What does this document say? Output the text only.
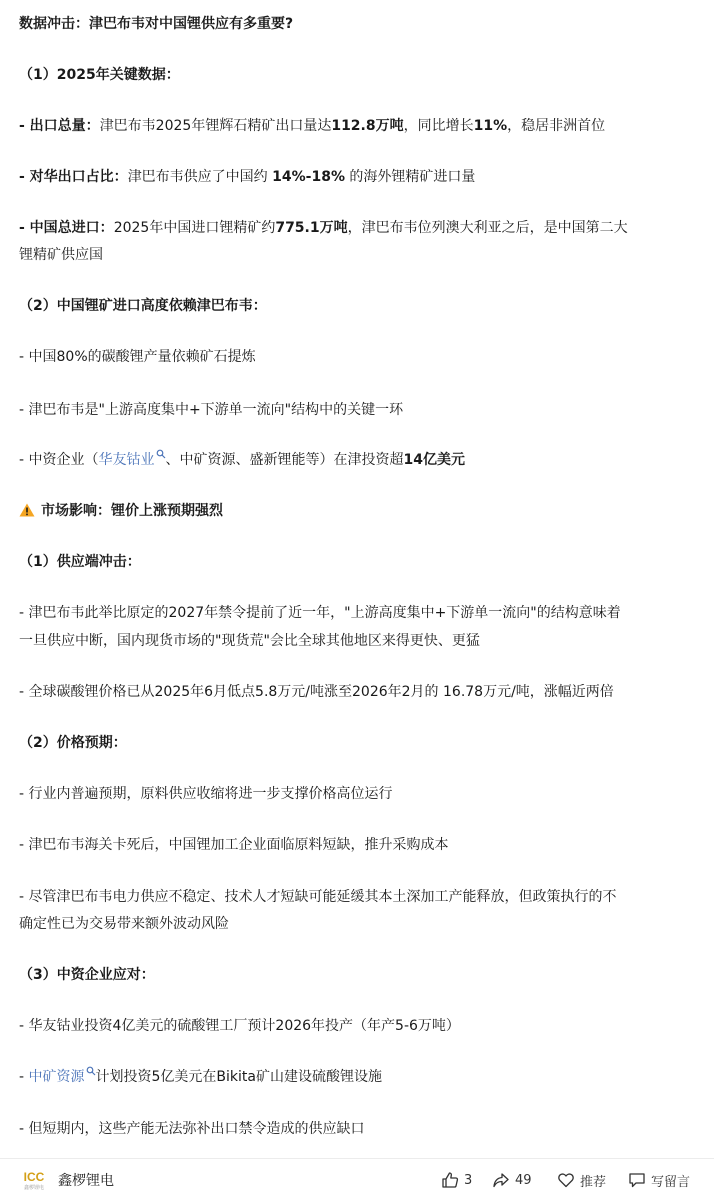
数据冲击：津巴布韦对中国锂供应有多重要?
（1）2025年关键数据：
- 出口总量：津巴布韦2025年锂辉石精矿出口量达112.8万吨，同比增长11%，稳居非洲首位
- 对华出口占比：津巴布韦供应了中国约 14%-18% 的海外锂精矿进口量
- 中国总进口：2025年中国进口锂精矿约775.1万吨，津巴布韦位列澳大利亚之后，是中国第二大
锂精矿供应国
（2）中国锂矿进口高度依赖津巴布韦：
- 中国80%的碳酸锂产量依赖矿石提炼
- 津巴布韦是"上游高度集中+下游单一流向"结构中的关键一环
- 中资企业（华友钴业 、中矿资源、盛新锂能等）在津投资超14亿美元
市场影响：锂价上涨预期强烈
（1）供应端冲击：
- 津巴布韦此举比原定的2027年禁令提前了近一年，"上游高度集中+下游单一流向"的结构意味着
一旦供应中断，国内现货市场的"现货荒"会比全球其他地区来得更快、更猛
- 全球碳酸锂价格已从2025年6月低点5.8万元/吨涨至2026年2月的 16.78万元/吨，涨幅近两倍
（2）价格预期：
- 行业内普遍预期，原料供应收缩将进一步支撑价格高位运行
- 津巴布韦海关卡死后，中国锂加工企业面临原料短缺，推升采购成本
- 尽管津巴布韦电力供应不稳定、技术人才短缺可能延缓其本土深加工产能释放，但政策执行的不
确定性已为交易带来额外波动风险
（3）中资企业应对：
- 华友钴业投资4亿美元的硫酸锂工厂预计2026年投产（年产5-6万吨）
- 中矿资源 计划投资5亿美元在Bikita矿山建设硫酸锂设施
- 但短期内，这些产能无法弥补出口禁令造成的供应缺口
ICC
鑫椤锂电 鑫椤锂电	3	49	推荐	写留言
